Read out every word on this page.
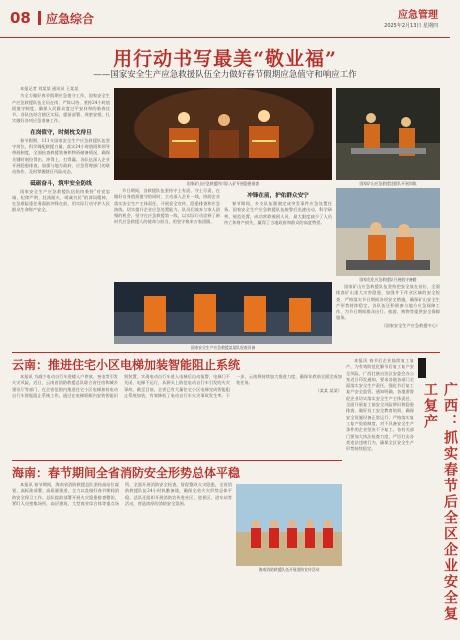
08 应急综合	应急管理
2025年2月13日 星期四
用行动书写最美“敬业福”
——国家安全生产应急救援队伍全力做好春节假期应急值守和响应工作

本报记者 刘某某 通讯员 王某某

为全力做好春节假期应急值守工作，国家安全生产应急救援队伍全员在岗、严阵以待，坚持24小时值班值守制度，确保人民群众度过平安祥和的新春佳节。各队伍结合辖区实际，提前部署、周密安排，扎实做好各项应急准备工作。

在岗值守，时刻枕戈待旦

春节假期，111支国家安全生产应急救援队伍坚守岗位，科学调配救援力量，落实24小时值班和领导带班制度，全面检查救援装备和物资储备情况，确保关键时刻拉得出、冲得上、打得赢。各队伍深入企业开展隐患排查，加强与地方政府、应急管理部门的联动协作，及时掌握辖区风险动态。

砥砺奋斗，筑牢安全防线

国家安全生产应急救援队伍始终秉持“对党忠诚、纪律严明、赴汤蹈火、竭诚为民”的训词精神，在急难险重任务面前冲锋在前，用实际行动守护人民群众生命财产安全。

国家矿山应急救援四川队入矿开展隐患排查	国家矿山应急救援沈阳队开展训练

节日期间，各救援队伍坚持守土有责、守土尽责，在做好自身值班值守的同时，主动深入企业一线，协助企业落实安全生产主体责任，开展安全宣传、隐患排查和应急演练，切实提升企业应急处置能力。队员们放弃与家人团聚的机会，坚守在应急救援第一线，以实际行动诠释了新时代应急救援人的使命与担当，用坚守换来万家团圆。

冲锋在前，护佑群众安宁

春节期间，多支队伍圆满完成突发事件应急处置任务。国家安全生产应急救援队伍接警后迅速出动，科学研判、规范处置，成功营救被困人员，最大限度减少了人员伤亡和财产损失，赢得了当地政府和群众的高度赞誉。

国家危化应急救援队开展值守备勤
国家安全生产应急救援某某队检查设备

国家矿山应急救援队伍坚持把安全放在首位，全面排查矿山重大灾害隐患，加强井下作业区域的安全检查，严格落实节日期间各项安全措施，确保矿山安全生产形势持续稳定。各队伍还积极参与地方应急保障工作，为节日期间群众出行、旅游、购物等提供安全保障服务。

（国家安全生产应急救援中心）

云南：推进住宅小区电梯加装智能阻止系统

本报讯 为减少电动自行车进楼入户停放、充电等引发火灾风险，近日，云南省消防救援总队联合省住房和城乡建设厅等部门，在全省范围内推进住宅小区电梯加装电动自行车智能阻止系统工作。通过在电梯轿厢内安装智能识别装置，实现电动自行车进入电梯后自动报警、电梯门不关闭、电梯不运行，从源头上防范电动自行车引发的火灾事故。截至目前，全省已有大量住宅小区电梯完成智能阻止系统加装，有效降低了电动自行车火灾事故发生率。下一步，云南将持续加大推进力度，确保年底前全面完成加装任务。

（某某 某某）

海南：春节期间全省消防安全形势总体平稳

本报讯 春节期间，海南省消防救援总队坚持高站位谋划、高标准部署、高质量推进，全力以赴做好春节期间消防安全保卫工作。总队提前部署开展火灾隐患排查整治，紧盯人员密集场所、高层建筑、大型商业综合体等重点场所，全面开展消防安全检查，督促整改火灾隐患，全省消防救援队伍24小时执勤备战，确保全省火灾形势总体平稳。总队还组织开展消防宣传进社区、进景区、进车站等活动，营造浓厚的消防安全氛围。

海南消防救援队伍开展消防宣传活动

本报讯 春节后企业陆续复工复产，为有效防范化解节后复工复产安全风险，广西壮族自治区安委会办公室近日印发通知，要求各地各部门全面落实安全生产责任，强化节后复工复产安全监管。通知明确，各地要督促企业切实落实安全生产主体责任，全面开展复工前安全风险辨识和隐患排查，做好员工安全教育培训，确保安全设施设备正常运行；严格落实复工复产验收制度，对不具备安全生产条件的企业坚决不予复工。各有关部门要加大执法检查力度，严厉打击各类违法违规行为，确保全区安全生产形势持续稳定。	广西：抓实春节后全区企业安全复工复产
